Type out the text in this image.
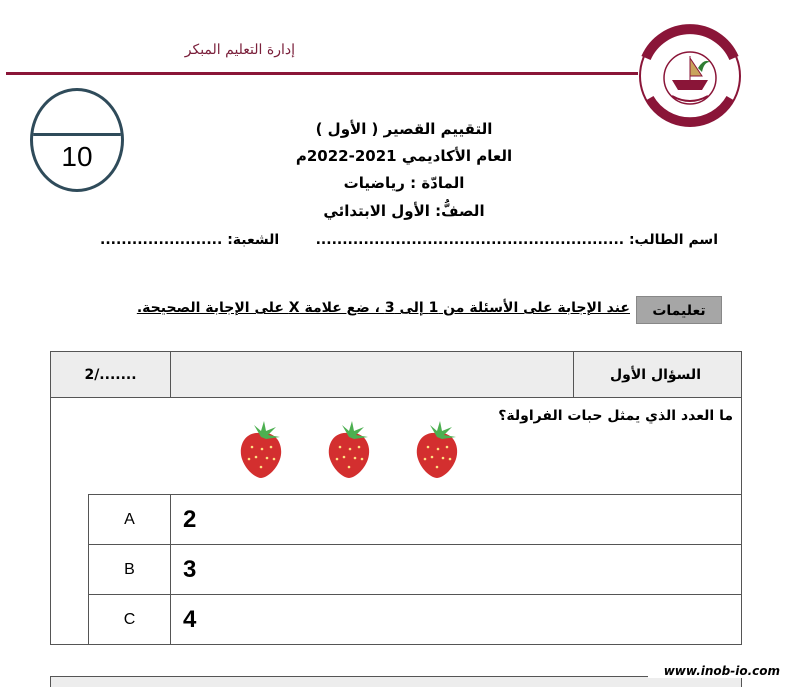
إدارة التعليم المبكر
10
التقييم القصير ( الأول )
العام الأكاديمي 2021-2022م
المادّة : رياضيات
الصفُّ: الأول الابتدائي
اسم الطالب: ..........................................................
الشعبة: .......................
تعليمات
عند الإجابة على الأسئلة من 1 إلى 3 ، ضع علامة X على الإجابة الصحيحة.
2/.......	السؤال الأول
ما العدد الذي يمثل حبات الفراولة؟
A	2
B	3
C	4
www.inob-io.com
